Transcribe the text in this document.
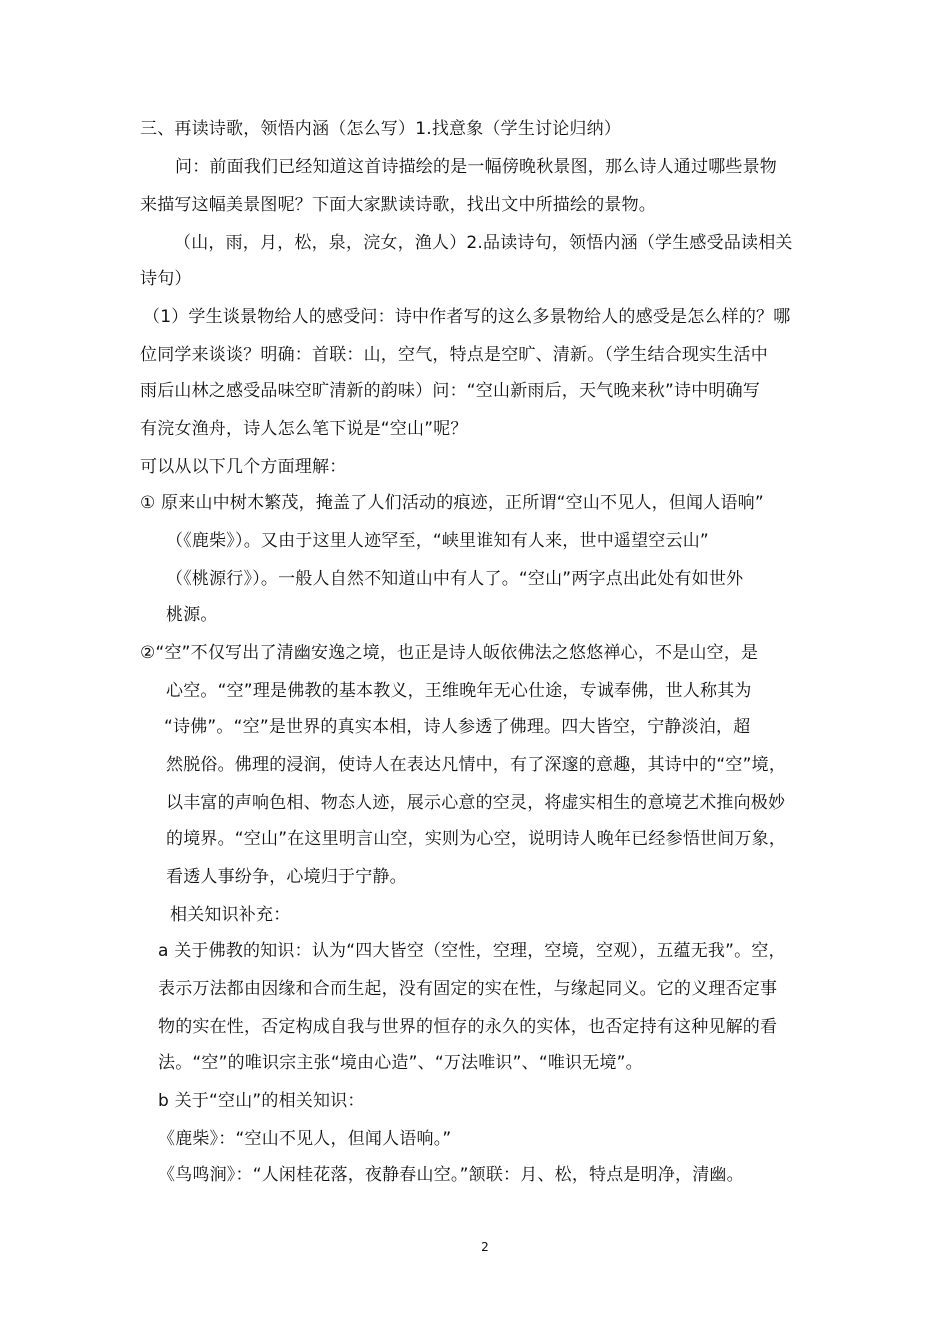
三、再读诗歌，领悟内涵（怎么写）1.找意象（学生讨论归纳）
问：前面我们已经知道这首诗描绘的是一幅傍晚秋景图，那么诗人通过哪些景物
来描写这幅美景图呢？下面大家默读诗歌，找出文中所描绘的景物。
（山，雨，月，松，泉，浣女，渔人）2.品读诗句，领悟内涵（学生感受品读相关
诗句）
（1）学生谈景物给人的感受问：诗中作者写的这么多景物给人的感受是怎么样的？哪
位同学来谈谈？明确：首联：山，空气，特点是空旷、清新。（学生结合现实生活中
雨后山林之感受品味空旷清新的韵味）问：“空山新雨后，天气晚来秋”诗中明确写
有浣女渔舟，诗人怎么笔下说是“空山”呢？
可以从以下几个方面理解：
① 原来山中树木繁茂，掩盖了人们活动的痕迹，正所谓“空山不见人，但闻人语响”
（《鹿柴》）。又由于这里人迹罕至，“峡里谁知有人来，世中遥望空云山”
（《桃源行》）。一般人自然不知道山中有人了。“空山”两字点出此处有如世外
桃源。
②“空”不仅写出了清幽安逸之境，也正是诗人皈依佛法之悠悠禅心，不是山空，是
心空。“空”理是佛教的基本教义，王维晚年无心仕途，专诚奉佛，世人称其为
“诗佛”。“空”是世界的真实本相，诗人参透了佛理。四大皆空，宁静淡泊，超
然脱俗。佛理的浸润，使诗人在表达凡情中，有了深邃的意趣，其诗中的“空”境，
以丰富的声响色相、物态人迹，展示心意的空灵，将虚实相生的意境艺术推向极妙
的境界。“空山”在这里明言山空，实则为心空，说明诗人晚年已经参悟世间万象，
看透人事纷争，心境归于宁静。
相关知识补充：
a 关于佛教的知识：认为“四大皆空（空性，空理，空境，空观），五蕴无我”。空，
表示万法都由因缘和合而生起，没有固定的实在性，与缘起同义。它的义理否定事
物的实在性，否定构成自我与世界的恒存的永久的实体，也否定持有这种见解的看
法。“空”的唯识宗主张“境由心造”、“万法唯识”、“唯识无境”。
b 关于“空山”的相关知识：
《鹿柴》：“空山不见人，但闻人语响。”
《鸟鸣涧》：“人闲桂花落，夜静春山空。”颔联：月、松，特点是明净，清幽。
2
